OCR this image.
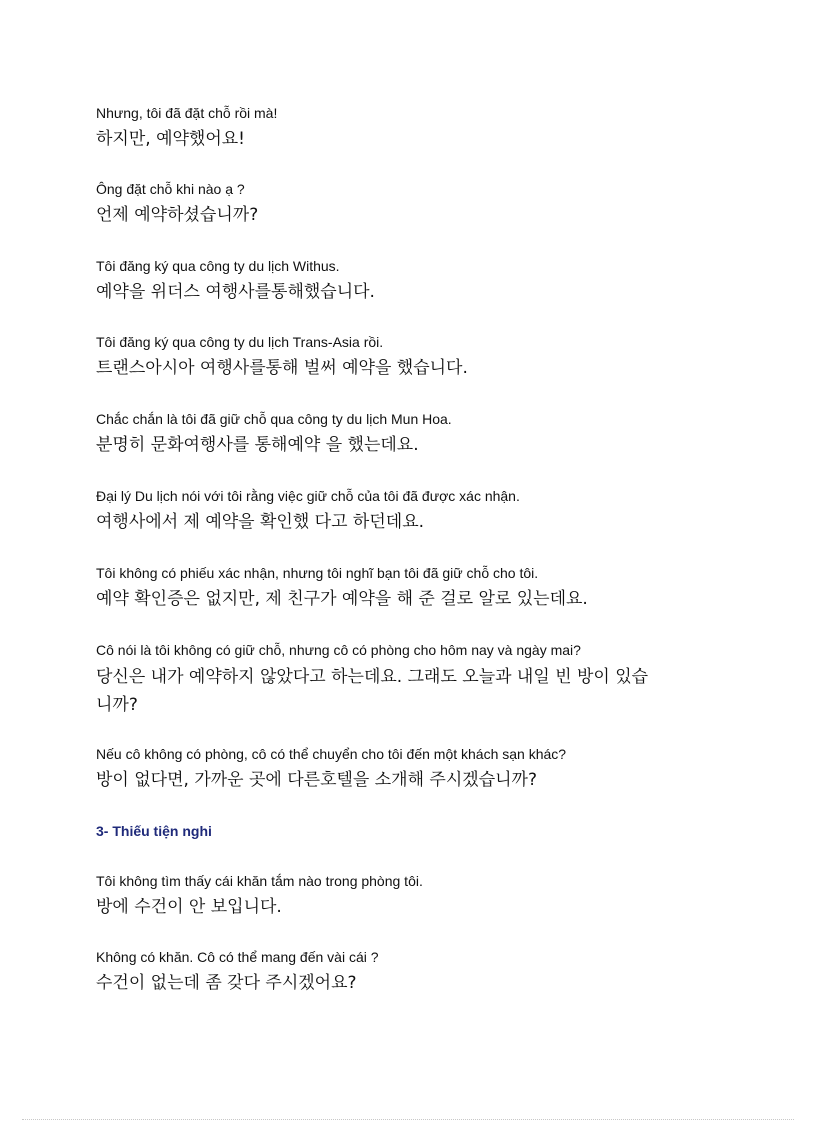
Nhưng, tôi đã đặt chỗ rồi mà!
하지만, 예약했어요!
Ông đặt chỗ khi nào ạ ?
언제 예약하셨습니까?
Tôi đăng ký qua công ty du lịch Withus.
예약을 위더스 여행사를통해했습니다.
Tôi đăng ký qua công ty du lịch Trans-Asia rồi.
트랜스아시아 여행사를통해 벌써 예약을 했습니다.
Chắc chắn là tôi đã giữ chỗ qua công ty du lịch Mun Hoa.
분명히 문화여행사를 통해예약 을 했는데요.
Đại lý Du lịch nói với tôi rằng việc giữ chỗ của tôi đã được xác nhận.
여행사에서 제 예약을 확인했 다고 하던데요.
Tôi không có phiếu xác nhận, nhưng tôi nghĩ bạn tôi đã giữ chỗ cho tôi.
예약 확인증은 없지만, 제 친구가 예약을 해 준 걸로 알로 있는데요.
Cô nói là tôi không có giữ chỗ, nhưng cô có phòng cho hôm nay và ngày mai?
당신은 내가 예약하지 않았다고 하는데요. 그래도 오늘과 내일 빈 방이 있습니까?
Nếu cô không có phòng, cô có thể chuyển cho tôi đến một khách sạn khác?
방이 없다면, 가까운 곳에 다른호텔을 소개해 주시겠습니까?
3- Thiếu tiện nghi
Tôi không tìm thấy cái khăn tắm nào trong phòng tôi.
방에 수건이 안 보입니다.
Không có khăn. Cô có thể mang đến vài cái ?
수건이 없는데 좀 갖다 주시겠어요?
